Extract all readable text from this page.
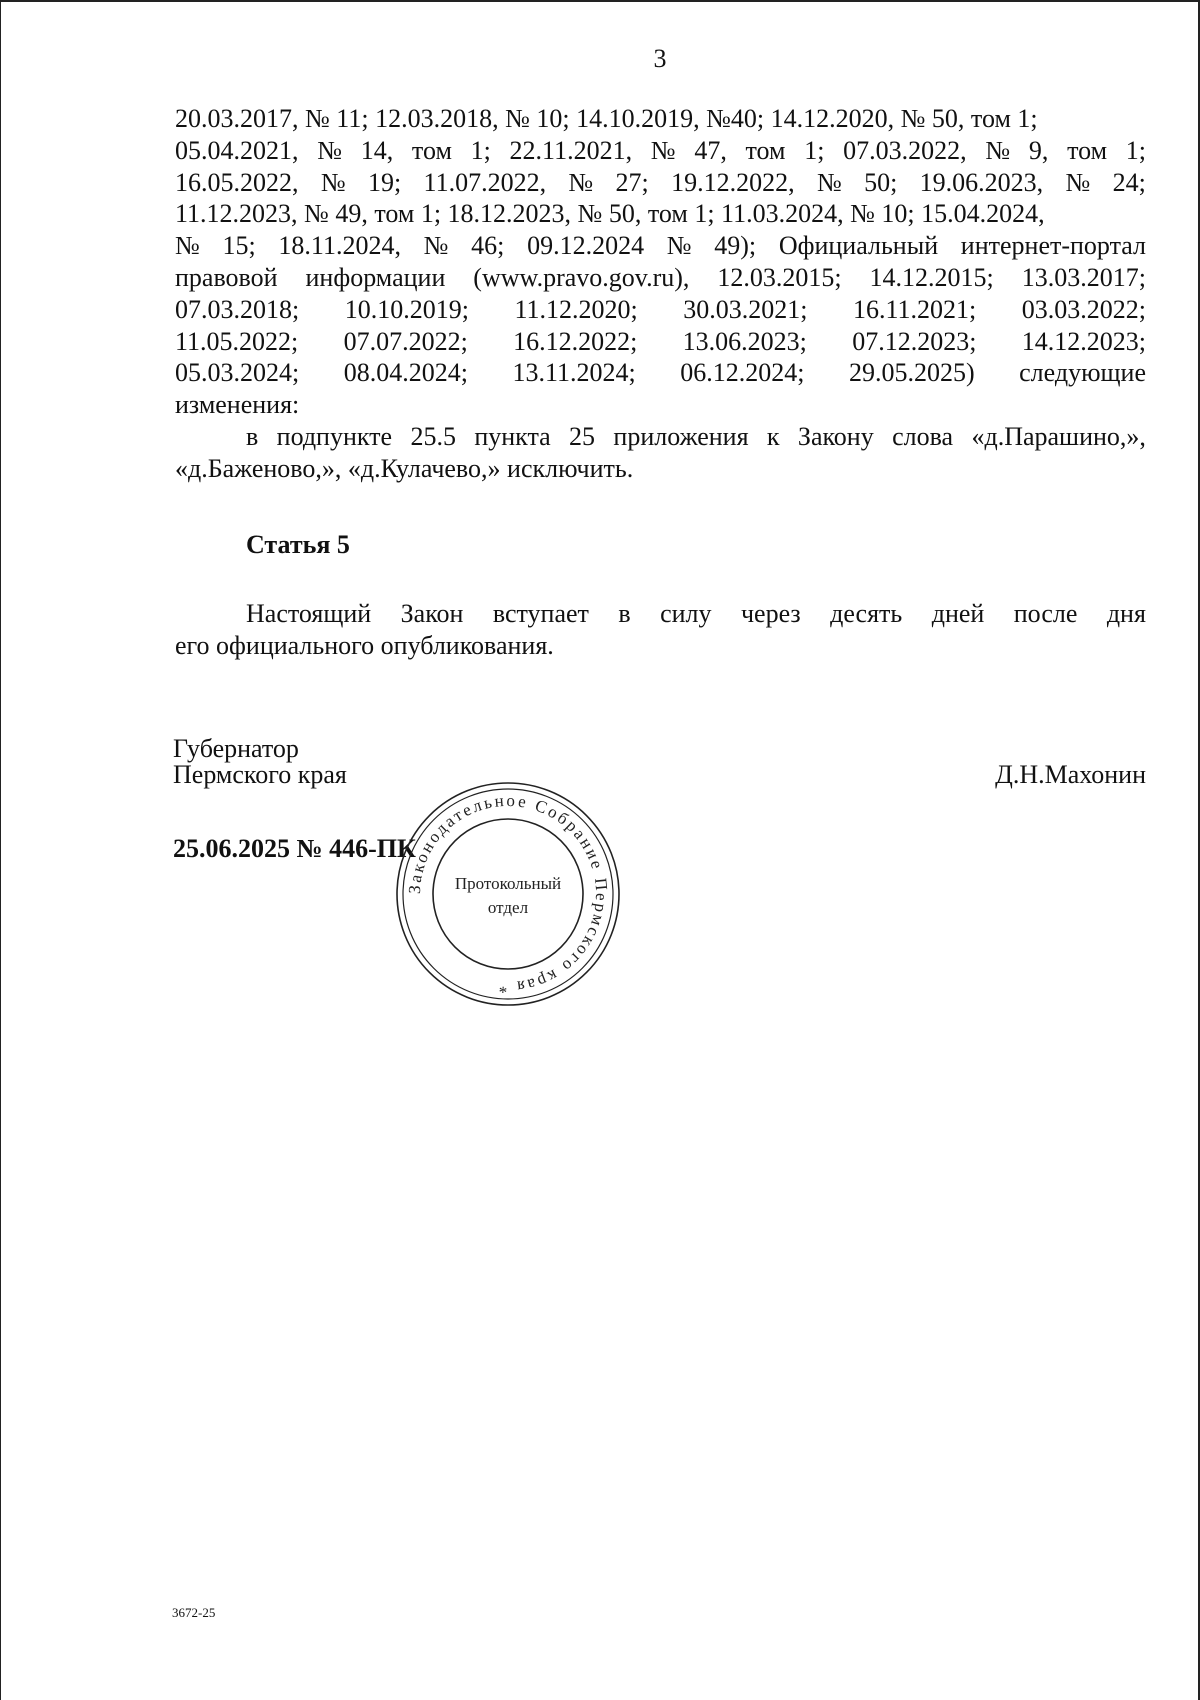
3
20.03.2017, № 11; 12.03.2018, № 10; 14.10.2019, №40; 14.12.2020, № 50, том 1;
05.04.2021, № 14, том 1; 22.11.2021, № 47, том 1; 07.03.2022, № 9, том 1;
16.05.2022, № 19; 11.07.2022, № 27; 19.12.2022, № 50; 19.06.2023, № 24;
11.12.2023, № 49, том 1; 18.12.2023, № 50, том 1; 11.03.2024, № 10; 15.04.2024,
№ 15; 18.11.2024, № 46; 09.12.2024 № 49); Официальный интернет-портал
правовой информации (www.pravo.gov.ru), 12.03.2015; 14.12.2015; 13.03.2017;
07.03.2018; 10.10.2019; 11.12.2020; 30.03.2021; 16.11.2021; 03.03.2022;
11.05.2022; 07.07.2022; 16.12.2022; 13.06.2023; 07.12.2023; 14.12.2023;
05.03.2024; 08.04.2024; 13.11.2024; 06.12.2024; 29.05.2025) следующие
изменения:
в подпункте 25.5 пункта 25 приложения к Закону слова «д.Парашино,»,
«д.Баженово,», «д.Кулачево,» исключить.
Статья 5
Настоящий Закон вступает в силу через десять дней после дня
его официального опубликования.
Губернатор
Пермского края	Д.Н.Махонин
25.06.2025 № 446-ПК
Законодательное Собрание Пермского края *
Протокольный
отдел
3672-25
